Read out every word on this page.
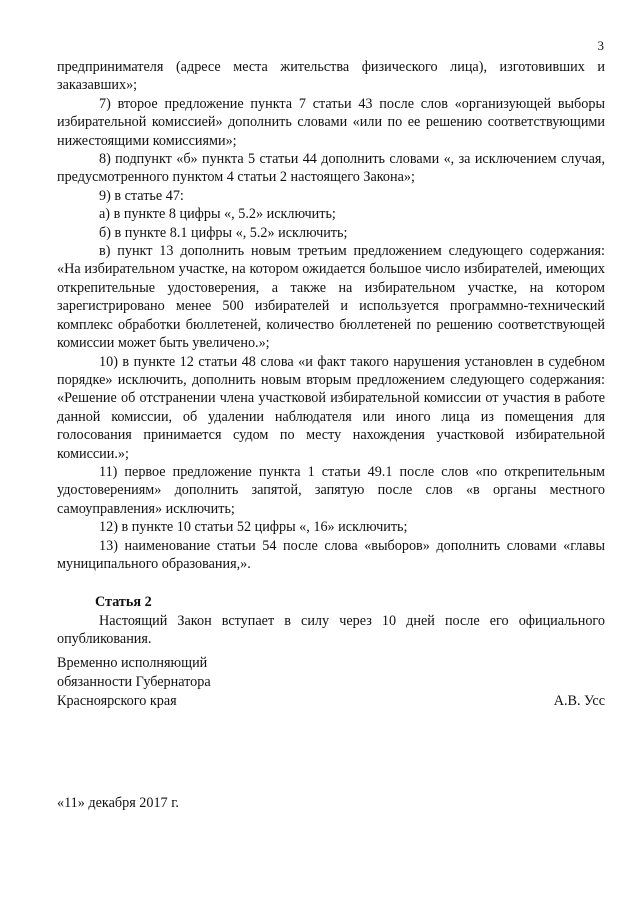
3

предпринимателя (адресе места жительства физического лица), изготовивших и заказавших»;

7) второе предложение пункта 7 статьи 43 после слов «организующей выборы избирательной комиссией» дополнить словами «или по ее решению соответствующими нижестоящими комиссиями»;

8) подпункт «б» пункта 5 статьи 44 дополнить словами «, за исключением случая, предусмотренного пунктом 4 статьи 2 настоящего Закона»;

9) в статье 47:

а) в пункте 8 цифры «, 5.2» исключить;

б) в пункте 8.1 цифры «, 5.2» исключить;

в) пункт 13 дополнить новым третьим предложением следующего содержания: «На избирательном участке, на котором ожидается большое число избирателей, имеющих открепительные удостоверения, а также на избирательном участке, на котором зарегистрировано менее 500 избирателей и используется программно-технический комплекс обработки бюллетеней, количество бюллетеней по решению соответствующей комиссии может быть увеличено.»;

10) в пункте 12 статьи 48 слова «и факт такого нарушения установлен в судебном порядке» исключить, дополнить новым вторым предложением следующего содержания: «Решение об отстранении члена участковой избирательной комиссии от участия в работе данной комиссии, об удалении наблюдателя или иного лица из помещения для голосования принимается судом по месту нахождения участковой избирательной комиссии.»;

11) первое предложение пункта 1 статьи 49.1 после слов «по открепительным удостоверениям» дополнить запятой, запятую после слов «в органы местного самоуправления» исключить;

12) в пункте 10 статьи 52 цифры «, 16» исключить;

13) наименование статьи 54 после слова «выборов» дополнить словами «главы муниципального образования,».

Статья 2

Настоящий Закон вступает в силу через 10 дней после его официального опубликования.

Временно исполняющий
обязанности Губернатора
Красноярского края	А.В. Усс
«11» декабря 2017 г.
